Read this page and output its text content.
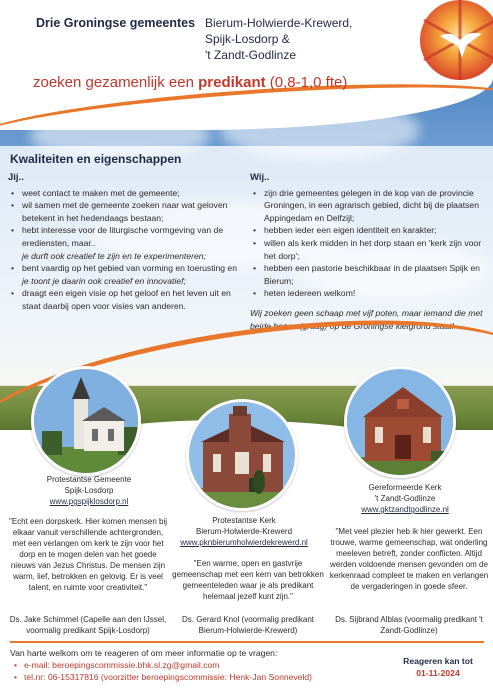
Drie Groningse gemeentes Bierum-Holwierde-Krewerd,
Spijk-Losdorp &
't Zandt-Godlinze
zoeken gezamenlijk een predikant (0,8-1,0 fte)
Kwaliteiten en eigenschappen
Jij..
• weet contact te maken met de gemeente;
• wil samen met de gemeente zoeken naar wat geloven betekent in het hedendaags bestaan;
• hebt interesse voor de liturgische vormgeving van de erediensten, maar..
je durft ook creatief te zijn en te experimenteren;
• bent vaardig op het gebied van vorming en toerusting en
je toont je daarin ook creatief en innovatief;
• draagt een eigen visie op het geloof en het leven uit en staat daarbij open voor visies van anderen.
Wij..
• zijn drie gemeentes gelegen in de kop van de provincie Groningen, in een agrarisch gebied, dicht bij de plaatsen Appingedam en Delfzijl;
• hebben ieder een eigen identiteit en karakter;
• willen als kerk midden in het dorp staan en 'kerk zijn voor het dorp';
• hebben een pastorie beschikbaar in de plaatsen Spijk en Bierum;
• heten iedereen welkom!
Wij zoeken geen schaap met vijf poten, maar iemand die met beide benen (graag) op de Groningse kleigrond staat!
Protestantse Gemeente
Spijk-Losdorp
www.pgspijklosdorp.nl
Protestantse Kerk
Bierum-Holwierde-Krewerd
www.pknbierumholwierdekrewerd.nl
Gereformeerde Kerk
't Zandt-Godlinze
www.gktzandtgodlinze.nl
"Echt een dorpskerk. Hier komen mensen bij elkaar vanuit verschillende achtergronden, met een verlangen om kerk te zijn voor het dorp en te mogen delen van het goede nieuws van Jezus Christus. De mensen zijn warm, lief, betrokken en gelovig. Er is veel talent, en ruimte voor creativiteit."
"Een warme, open en gastvrije gemeenschap met een kern van betrokken gemeenteleden waar je als predikant helemaal jezelf kunt zijn."
"Met veel plezier heb ik hier gewerkt. Een trouwe, warme gemeenschap, wat onderling meeleven betreft, zonder conflicten. Altijd werden voldoende mensen gevonden om de kerkenraad compleet te maken en verlangen de vergaderingen in goede sfeer.
Ds. Jake Schimmel (Capelle aan den IJssel, voormalig predikant Spijk-Losdorp)
Ds. Gerard Knol (voormalig predikant Bierum-Holwierde-Krewerd)
Ds. Sijbrand Alblas (voormalig predikant 't Zandt-Godlinze)
Van harte welkom om te reageren of om meer informatie op te vragen:
• e-mail: beroepingscommissie.bhk.sl.zg@gmail.com
• tel.nr: 06-15317816 (voorzitter beroepingscommissie: Henk-Jan Sonneveld)
Reageren kan tot
01-11-2024
